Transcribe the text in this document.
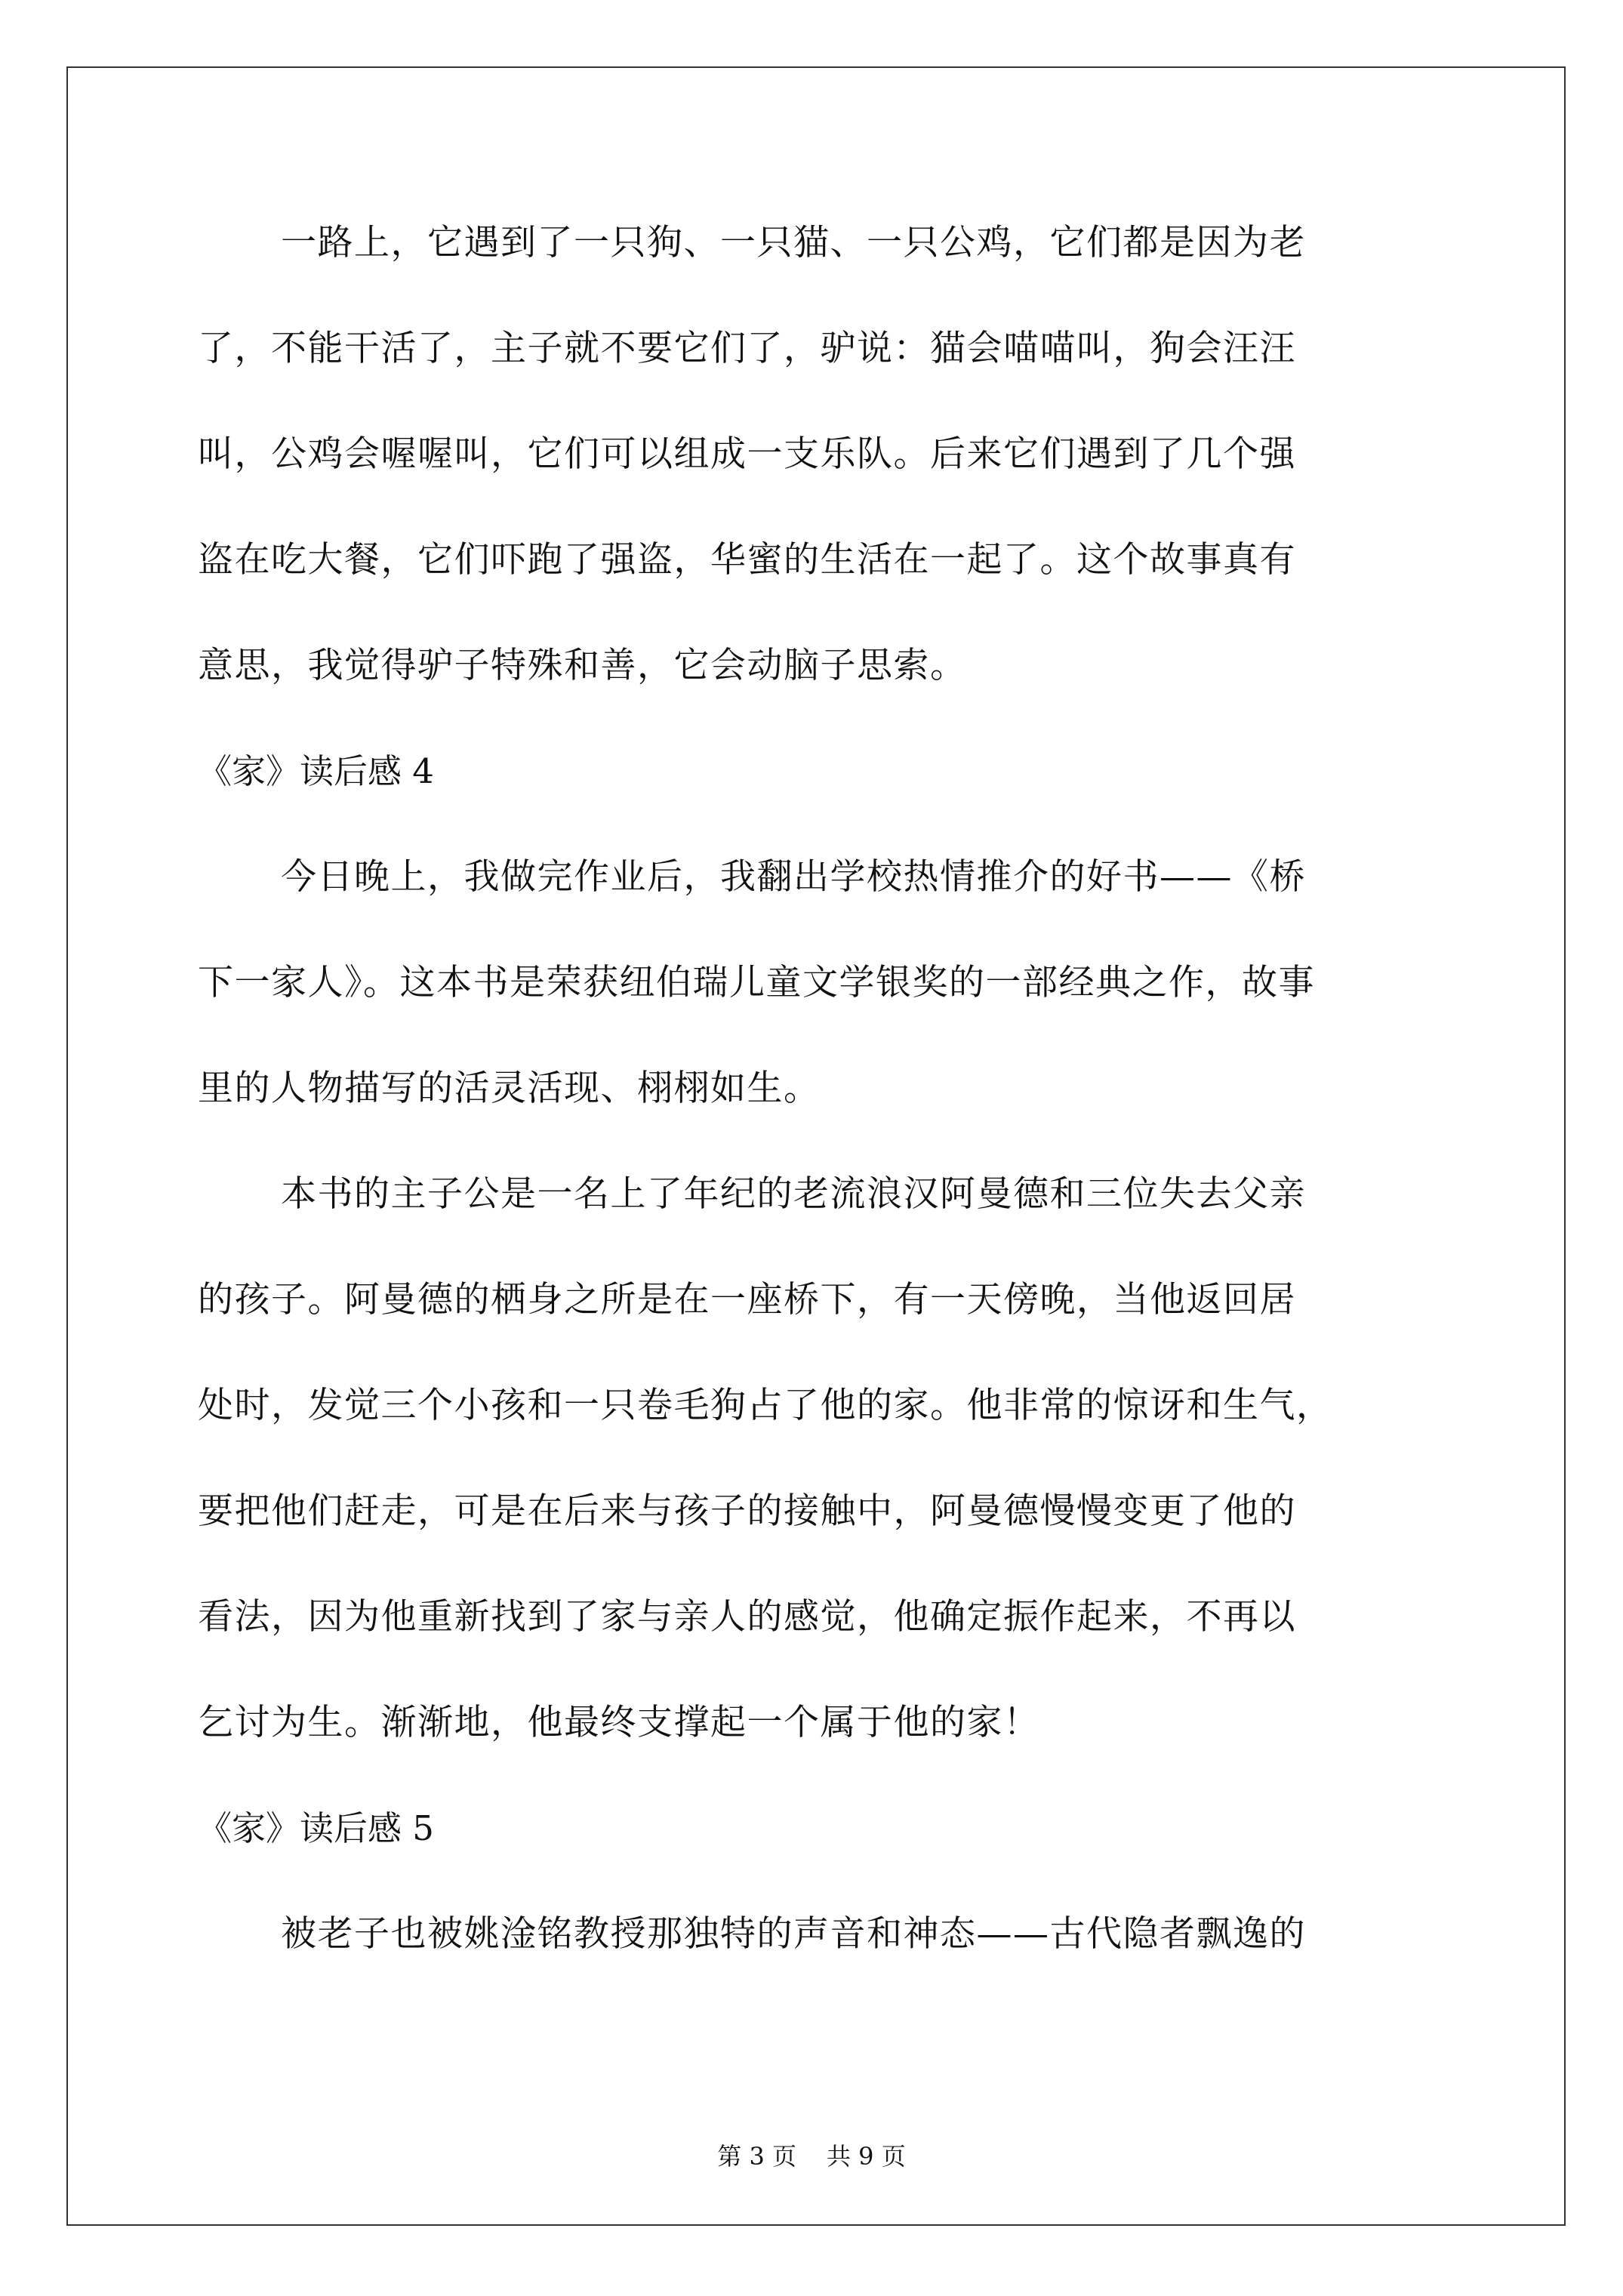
一路上，它遇到了一只狗、一只猫、一只公鸡，它们都是因为老
了，不能干活了，主子就不要它们了，驴说：猫会喵喵叫，狗会汪汪
叫，公鸡会喔喔叫，它们可以组成一支乐队。后来它们遇到了几个强
盗在吃大餐，它们吓跑了强盗，华蜜的生活在一起了。这个故事真有
意思，我觉得驴子特殊和善，它会动脑子思索。
《家》读后感 4
今日晚上，我做完作业后，我翻出学校热情推介的好书——《桥
下一家人》。这本书是荣获纽伯瑞儿童文学银奖的一部经典之作，故事
里的人物描写的活灵活现、栩栩如生。
本书的主子公是一名上了年纪的老流浪汉阿曼德和三位失去父亲
的孩子。阿曼德的栖身之所是在一座桥下，有一天傍晚，当他返回居
处时，发觉三个小孩和一只卷毛狗占了他的家。他非常的惊讶和生气，
要把他们赶走，可是在后来与孩子的接触中，阿曼德慢慢变更了他的
看法，因为他重新找到了家与亲人的感觉，他确定振作起来，不再以
乞讨为生。渐渐地，他最终支撑起一个属于他的家！
《家》读后感 5
被老子也被姚淦铭教授那独特的声音和神态——古代隐者飘逸的
第 3 页 共 9 页
